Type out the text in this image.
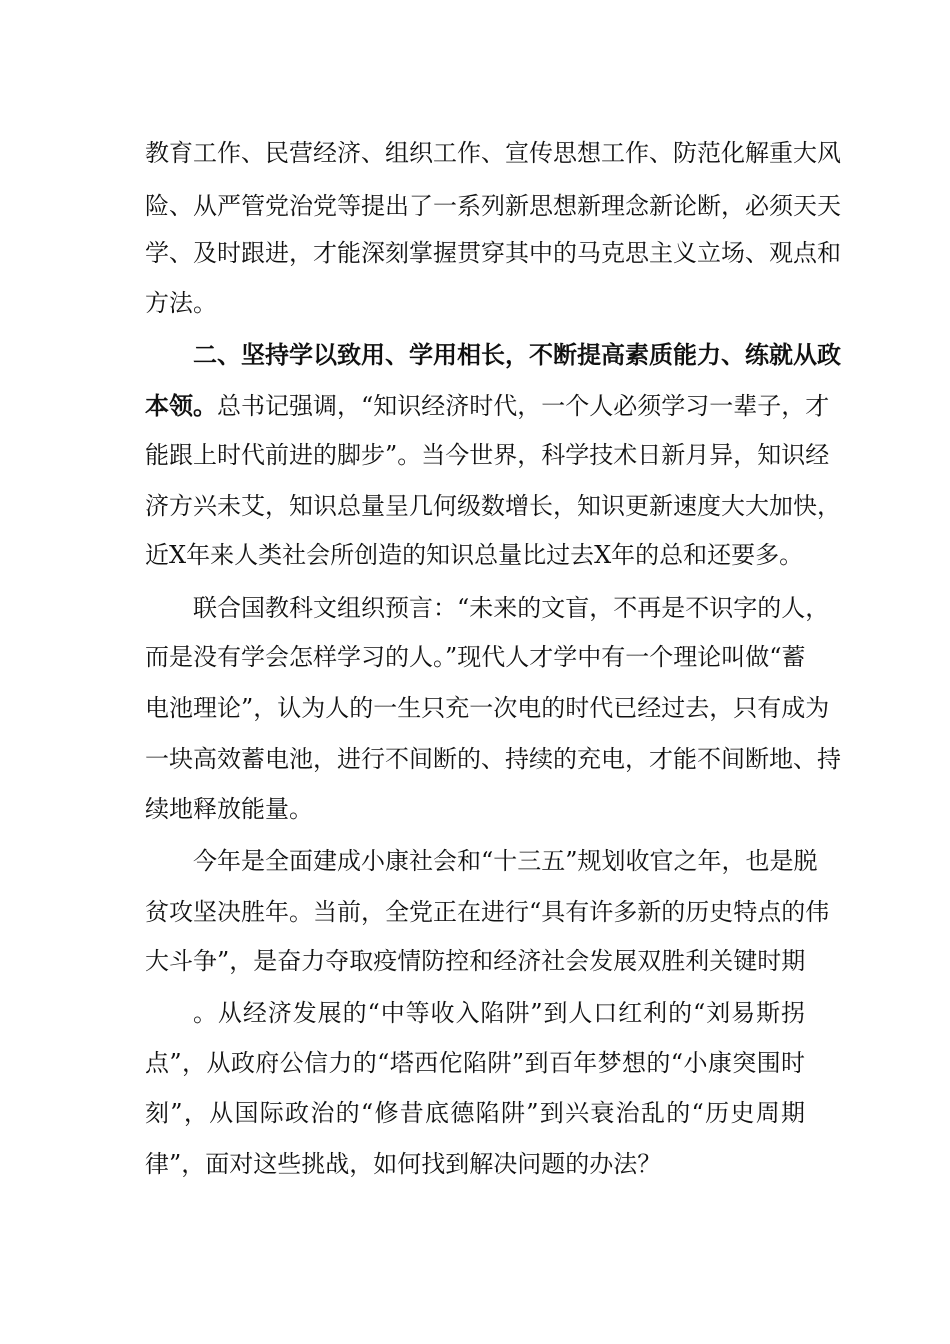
教育工作、民营经济、组织工作、宣传思想工作、防范化解重大风
险、从严管党治党等提出了一系列新思想新理念新论断，必须天天
学、及时跟进，才能深刻掌握贯穿其中的马克思主义立场、观点和
方法。
二、坚持学以致用、学用相长，不断提高素质能力、练就从政
本领。总书记强调，“知识经济时代，一个人必须学习一辈子，才
能跟上时代前进的脚步”。当今世界，科学技术日新月异，知识经
济方兴未艾，知识总量呈几何级数增长，知识更新速度大大加快，
近X年来人类社会所创造的知识总量比过去X年的总和还要多。
联合国教科文组织预言：“未来的文盲，不再是不识字的人，
而是没有学会怎样学习的人。”现代人才学中有一个理论叫做“蓄
电池理论”，认为人的一生只充一次电的时代已经过去，只有成为
一块高效蓄电池，进行不间断的、持续的充电，才能不间断地、持
续地释放能量。
今年是全面建成小康社会和“十三五”规划收官之年，也是脱
贫攻坚决胜年。当前，全党正在进行“具有许多新的历史特点的伟
大斗争”，是奋力夺取疫情防控和经济社会发展双胜利关键时期
。从经济发展的“中等收入陷阱”到人口红利的“刘易斯拐
点”，从政府公信力的“塔西佗陷阱”到百年梦想的“小康突围时
刻”，从国际政治的“修昔底德陷阱”到兴衰治乱的“历史周期
律”，面对这些挑战，如何找到解决问题的办法？
